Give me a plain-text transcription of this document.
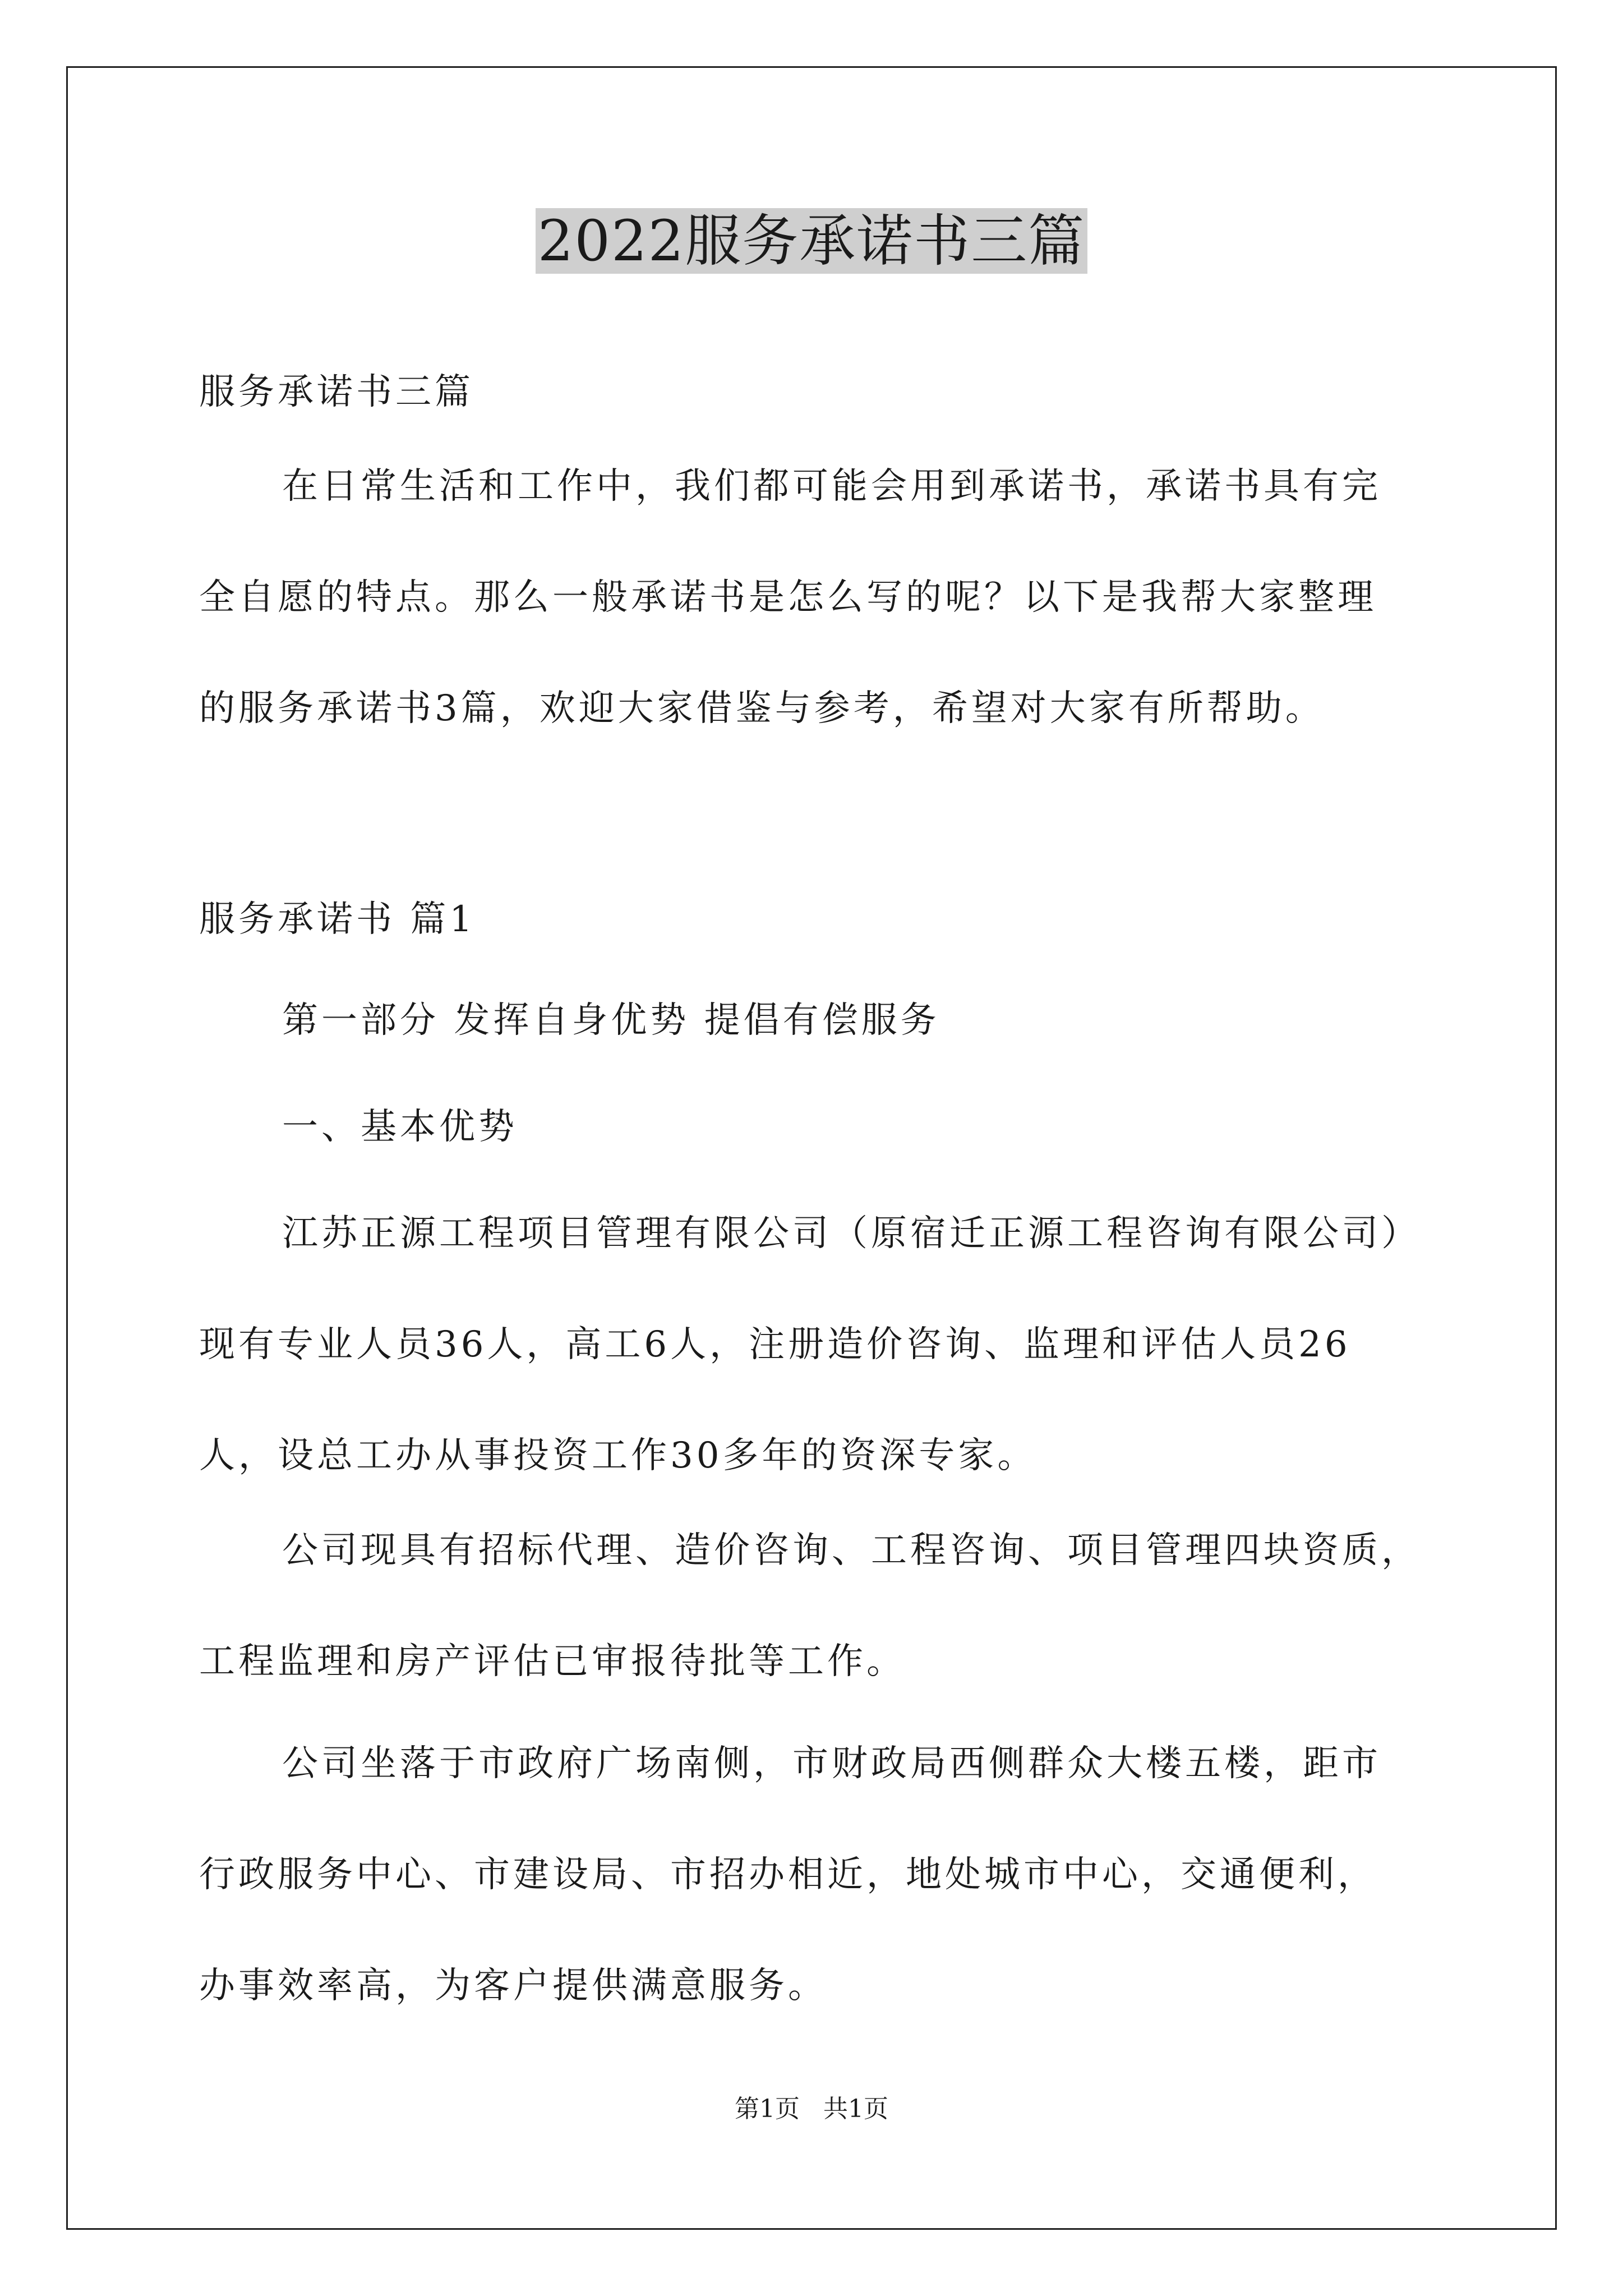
2022服务承诺书三篇

服务承诺书三篇

在日常生活和工作中，我们都可能会用到承诺书，承诺书具有完
全自愿的特点。那么一般承诺书是怎么写的呢？以下是我帮大家整理
的服务承诺书3篇，欢迎大家借鉴与参考，希望对大家有所帮助。

服务承诺书 篇1

第一部分 发挥自身优势 提倡有偿服务

一、基本优势

江苏正源工程项目管理有限公司（原宿迁正源工程咨询有限公司）
现有专业人员36人，高工6人，注册造价咨询、监理和评估人员26
人，设总工办从事投资工作30多年的资深专家。
公司现具有招标代理、造价咨询、工程咨询、项目管理四块资质，
工程监理和房产评估已审报待批等工作。
公司坐落于市政府广场南侧，市财政局西侧群众大楼五楼，距市
行政服务中心、市建设局、市招办相近，地处城市中心，交通便利，
办事效率高，为客户提供满意服务。
第1页   共1页
